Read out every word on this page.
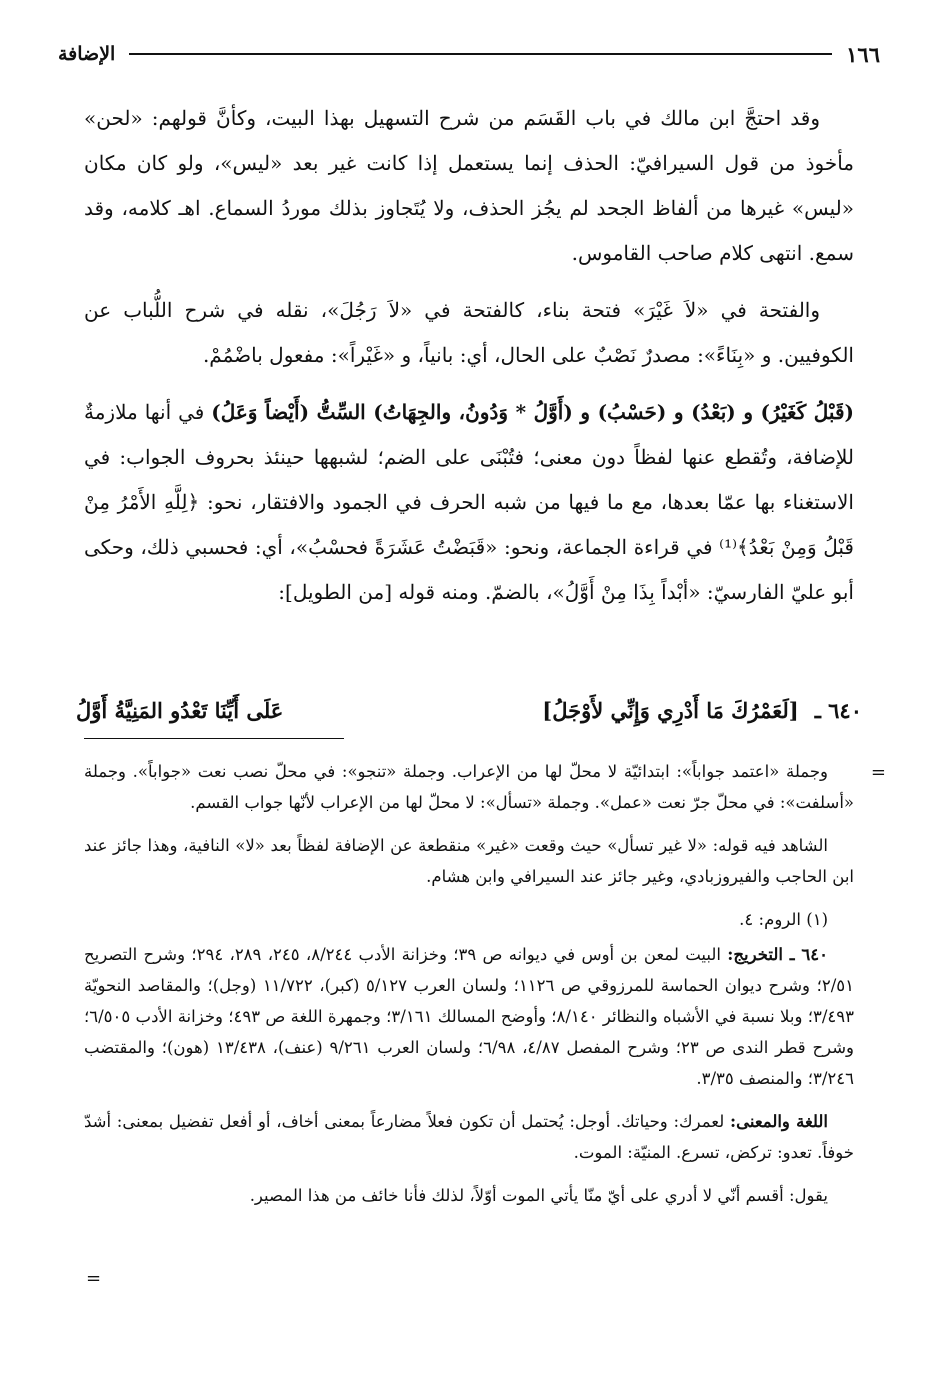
١٦٦
الإضافة

وقد احتجَّ ابن مالك في باب القَسَم من شرح التسهيل بهذا البيت، وكأنَّ قولهم: «لحن» مأخوذ من قول السيرافيّ: الحذف إنما يستعمل إذا كانت غير بعد «ليس»، ولو كان مكان «ليس» غيرها من ألفاظ الجحد لم يجُز الحذف، ولا يُتَجاوز بذلك موردُ السماع. اهـ كلامه، وقد سمع. انتهى كلام صاحب القاموس.

والفتحة في «لاَ غَيْرَ» فتحة بناء، كالفتحة في «لاَ رَجُلَ»، نقله في شرح اللُّباب عن الكوفيين. و «بِنَاءً»: مصدرٌ نَصْبٌ على الحال، أي: بانياً، و «غَيْراً»: مفعول باضْمُمْ.

(قَبْلُ كَغَيْرُ) و (بَعْدُ) و (حَسْبُ) و (أَوَّلُ * وَدُونُ، والجِهَاتُ) السِّتُّ (أَيْضاً وَعَلُ) في أنها ملازمةٌ للإضافة، وتُقطع عنها لفظاً دون معنى؛ فتُبْنَى على الضم؛ لشبهها حينئذ بحروف الجواب: في الاستغناء بها عمّا بعدها، مع ما فيها من شبه الحرف في الجمود والافتقار، نحو: ﴿لِلَّهِ الأَمْرُ مِنْ قَبْلُ وَمِنْ بَعْدُ﴾⁽¹⁾ في قراءة الجماعة، ونحو: «قَبَضْتُ عَشَرَةً فحسْبُ»، أي: فحسبي ذلك، وحكى أبو عليّ الفارسيّ: «أبْداً بِذَا مِنْ أَوَّلُ»، بالضمّ. ومنه قوله [من الطويل]:

٦٤٠ ـ
[لَعَمْرُكَ مَا أَدْرِي وَإِنِّي لأَوْجَلُ]
عَلَى أَيِّنَا تَعْدُو المَنِيَّةُ أَوَّلُ
=

وجملة «اعتمد جواباً»: ابتدائيّة لا محلّ لها من الإعراب. وجملة «تنجو»: في محلّ نصب نعت «جواباً». وجملة «أسلفت»: في محلّ جرّ نعت «عمل». وجملة «تسأل»: لا محلّ لها من الإعراب لأنّها جواب القسم.

الشاهد فيه قوله: «لا غير تسأل» حيث وقعت «غير» منقطعة عن الإضافة لفظاً بعد «لا» النافية، وهذا جائز عند ابن الحاجب والفيروزبادي، وغير جائز عند السيرافي وابن هشام.

(١) الروم: ٤.

٦٤٠ ـ التخريج: البيت لمعن بن أوس في ديوانه ص ٣٩؛ وخزانة الأدب ٨/٢٤٤، ٢٤٥، ٢٨٩، ٢٩٤؛ وشرح التصريح ٢/٥١؛ وشرح ديوان الحماسة للمرزوقي ص ١١٢٦؛ ولسان العرب ٥/١٢٧ (كبر)، ١١/٧٢٢ (وجل)؛ والمقاصد النحويّة ٣/٤٩٣؛ وبلا نسبة في الأشباه والنظائر ٨/١٤٠؛ وأوضح المسالك ٣/١٦١؛ وجمهرة اللغة ص ٤٩٣؛ وخزانة الأدب ٦/٥٠٥؛ وشرح قطر الندى ص ٢٣؛ وشرح المفصل ٤/٨٧، ٦/٩٨؛ ولسان العرب ٩/٢٦١ (عنف)، ١٣/٤٣٨ (هون)؛ والمقتضب ٣/٢٤٦؛ والمنصف ٣/٣٥.

اللغة والمعنى: لعمرك: وحياتك. أوجل: يُحتمل أن تكون فعلاً مضارعاً بمعنى أخاف، أو أفعل تفضيل بمعنى: أشدّ خوفاً. تعدو: تركض، تسرع. المنيّة: الموت.

يقول: أقسم أنّي لا أدري على أيّ منّا يأتي الموت أوّلاً، لذلك فأنا خائف من هذا المصير.

=
